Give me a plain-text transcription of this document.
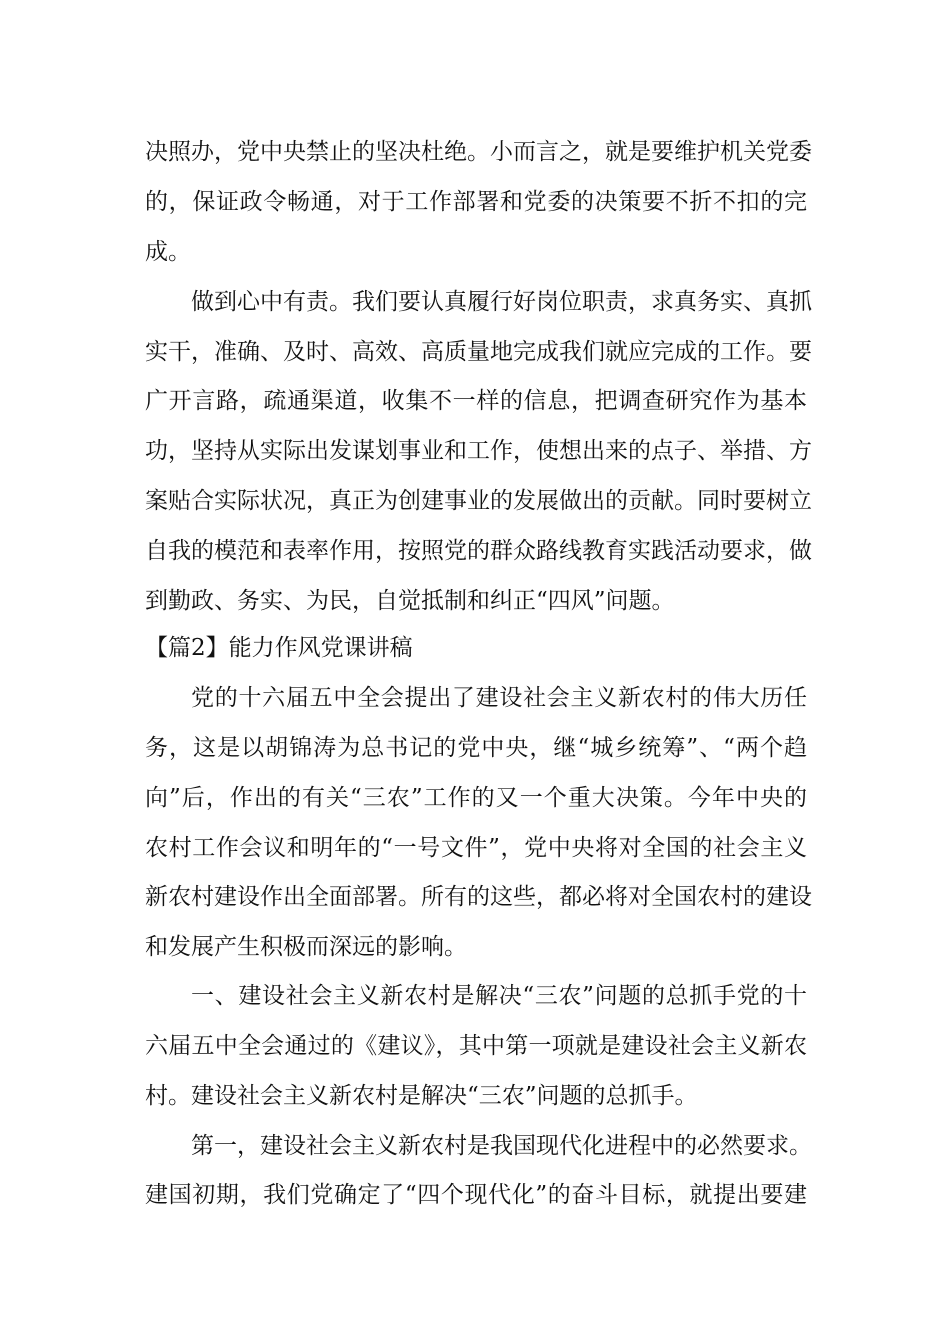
决照办，党中央禁止的坚决杜绝。小而言之，就是要维护机关党委
的，保证政令畅通，对于工作部署和党委的决策要不折不扣的完
成。
做到心中有责。我们要认真履行好岗位职责，求真务实、真抓
实干，准确、及时、高效、高质量地完成我们就应完成的工作。要
广开言路，疏通渠道，收集不一样的信息，把调查研究作为基本
功，坚持从实际出发谋划事业和工作，使想出来的点子、举措、方
案贴合实际状况，真正为创建事业的发展做出的贡献。同时要树立
自我的模范和表率作用，按照党的群众路线教育实践活动要求，做
到勤政、务实、为民，自觉抵制和纠正“四风”问题。
【篇2】能力作风党课讲稿
党的十六届五中全会提出了建设社会主义新农村的伟大历任
务，这是以胡锦涛为总书记的党中央，继“城乡统筹”、“两个趋
向”后，作出的有关“三农”工作的又一个重大决策。今年中央的
农村工作会议和明年的“一号文件”，党中央将对全国的社会主义
新农村建设作出全面部署。所有的这些，都必将对全国农村的建设
和发展产生积极而深远的影响。
一、建设社会主义新农村是解决“三农”问题的总抓手党的十
六届五中全会通过的《建议》，其中第一项就是建设社会主义新农
村。建设社会主义新农村是解决“三农”问题的总抓手。
第一，建设社会主义新农村是我国现代化进程中的必然要求。
建国初期，我们党确定了“四个现代化”的奋斗目标，就提出要建
